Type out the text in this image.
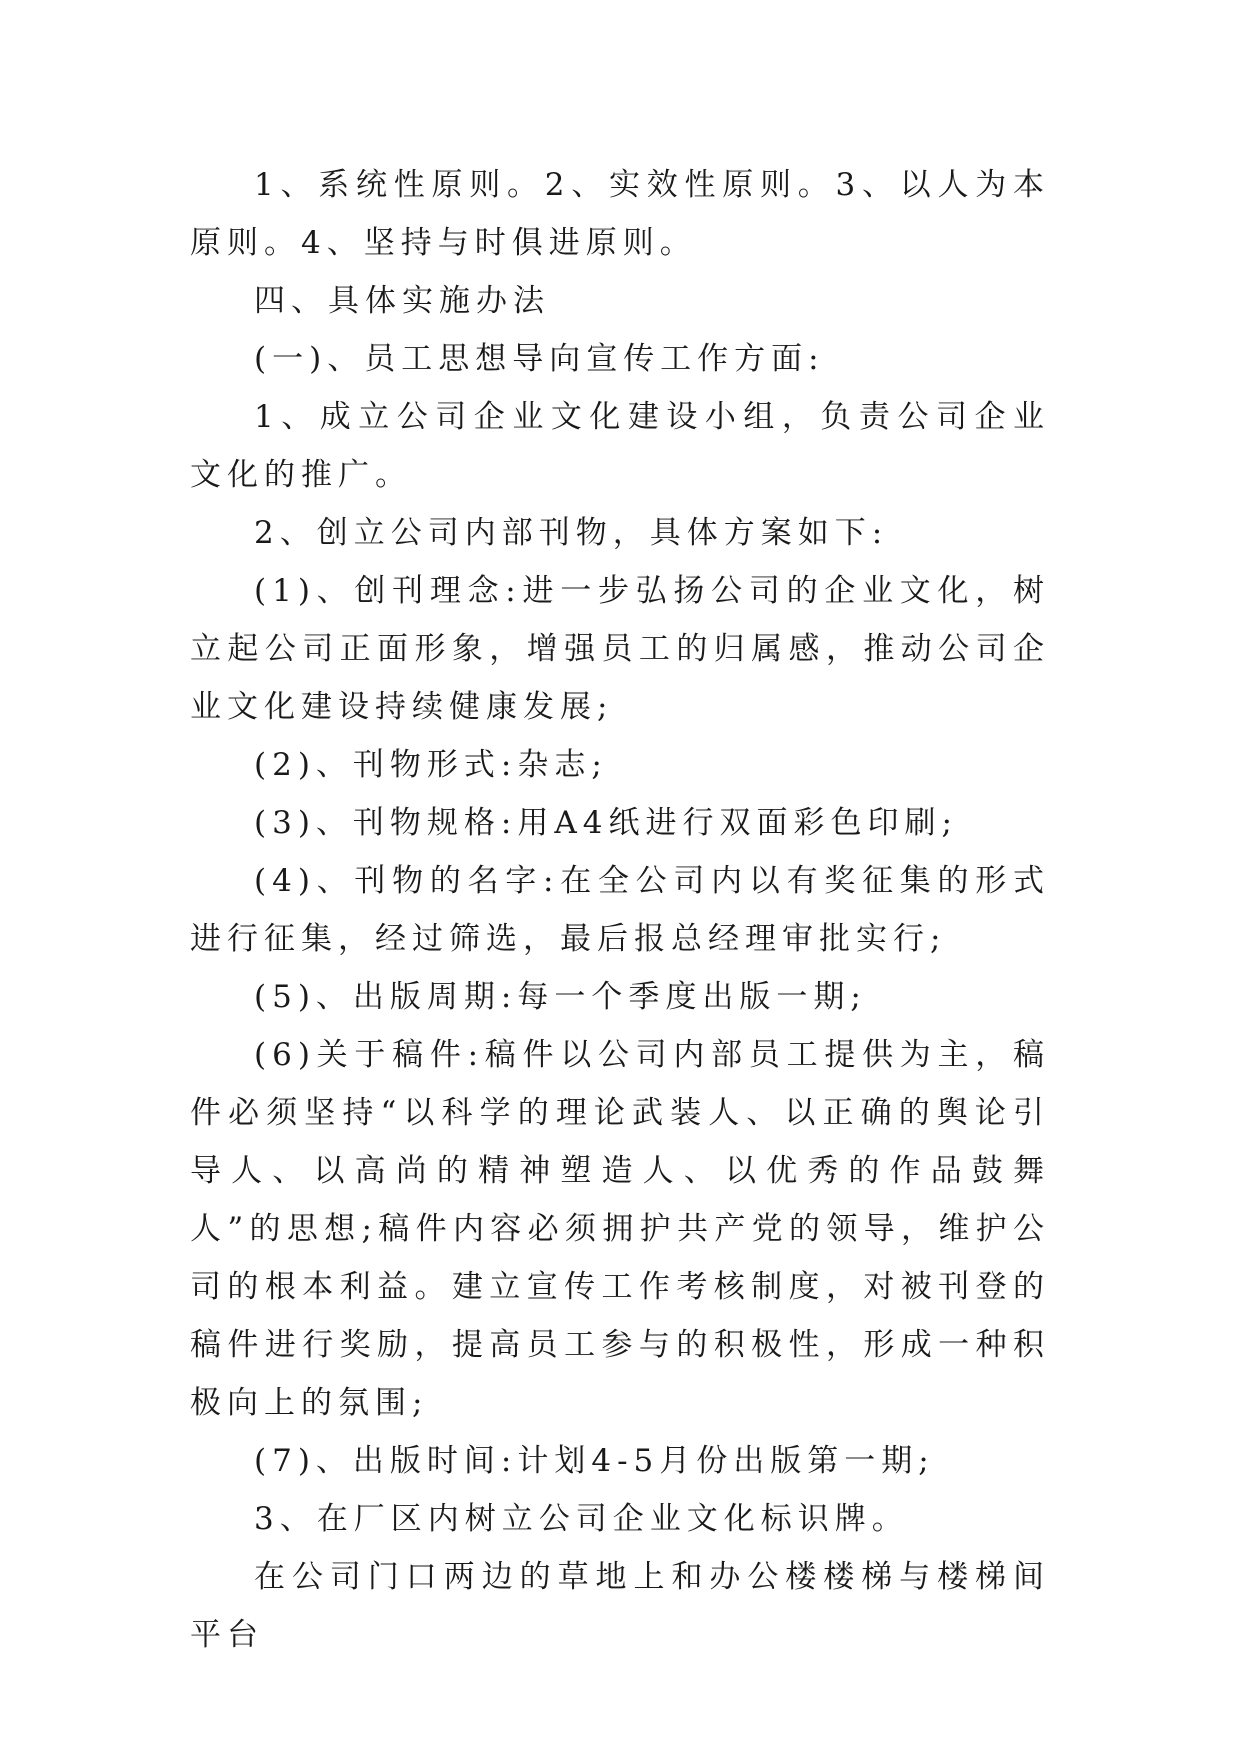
1、系统性原则。2、实效性原则。3、以人为本原则。4、坚持与时俱进原则。

四、具体实施办法

(一)、员工思想导向宣传工作方面:

1、成立公司企业文化建设小组，负责公司企业文化的推广。

2、创立公司内部刊物，具体方案如下:

(1)、创刊理念:进一步弘扬公司的企业文化，树立起公司正面形象，增强员工的归属感，推动公司企业文化建设持续健康发展;

(2)、刊物形式:杂志;

(3)、刊物规格:用A4纸进行双面彩色印刷;

(4)、刊物的名字:在全公司内以有奖征集的形式进行征集，经过筛选，最后报总经理审批实行;

(5)、出版周期:每一个季度出版一期;

(6)关于稿件:稿件以公司内部员工提供为主，稿件必须坚持“以科学的理论武装人、以正确的舆论引导人、以高尚的精神塑造人、以优秀的作品鼓舞人”的思想;稿件内容必须拥护共产党的领导，维护公司的根本利益。建立宣传工作考核制度，对被刊登的稿件进行奖励，提高员工参与的积极性，形成一种积极向上的氛围;

(7)、出版时间:计划4-5月份出版第一期;

3、在厂区内树立公司企业文化标识牌。

在公司门口两边的草地上和办公楼楼梯与楼梯间平台
